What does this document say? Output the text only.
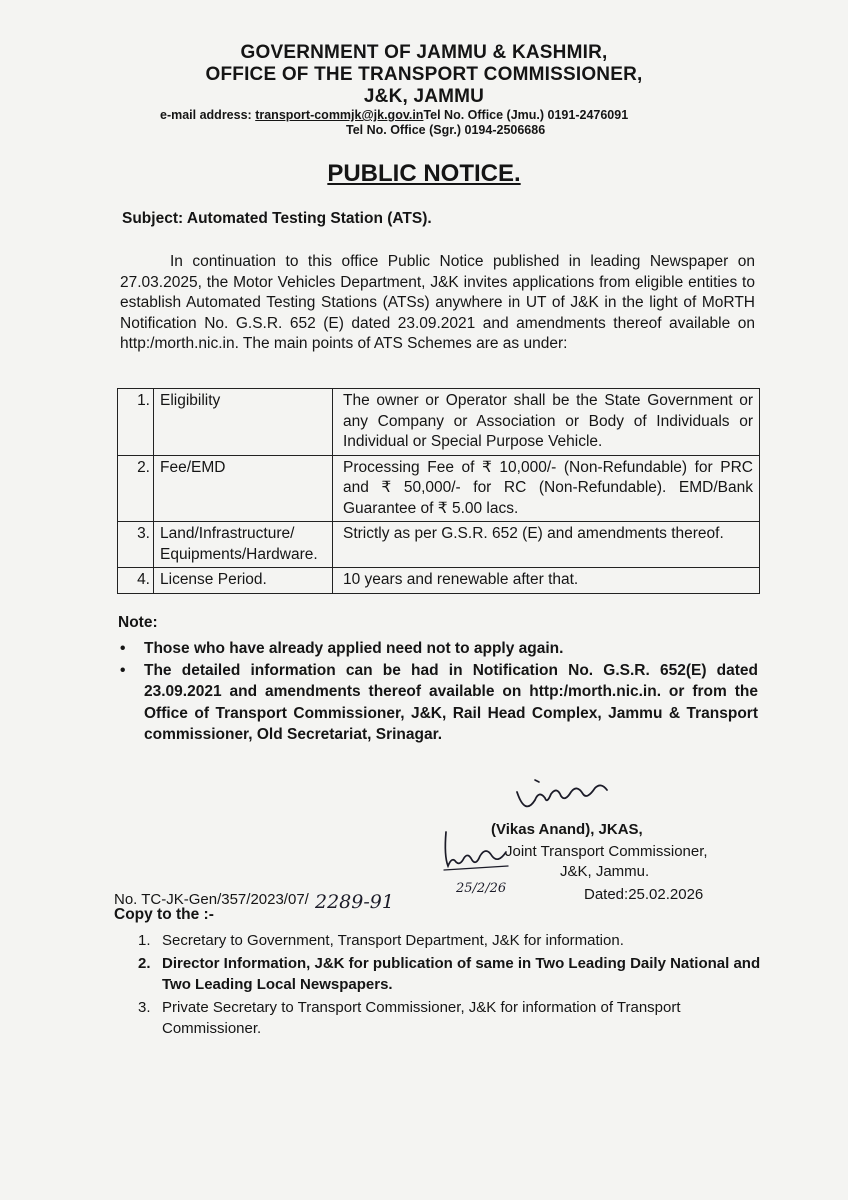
GOVERNMENT OF JAMMU & KASHMIR,
OFFICE OF THE TRANSPORT COMMISSIONER,
J&K, JAMMU
e-mail address: transport-commjk@jk.gov.inTel No. Office (Jmu.) 0191-2476091
Tel No. Office (Sgr.) 0194-2506686
PUBLIC NOTICE.
Subject: Automated Testing Station (ATS).
In continuation to this office Public Notice published in leading Newspaper on 27.03.2025, the Motor Vehicles Department, J&K invites applications from eligible entities to establish Automated Testing Stations (ATSs) anywhere in UT of J&K in the light of MoRTH Notification No. G.S.R. 652 (E) dated 23.09.2021 and amendments thereof available on http:/morth.nic.in. The main points of ATS Schemes are as under:
1.	Eligibility	The owner or Operator shall be the State Government or any Company or Association or Body of Individuals or Individual or Special Purpose Vehicle.
2.	Fee/EMD	Processing Fee of ₹ 10,000/- (Non-Refundable) for PRC and ₹ 50,000/- for RC (Non-Refundable). EMD/Bank Guarantee of ₹ 5.00 lacs.
3.	Land/Infrastructure/ Equipments/Hardware.	Strictly as per G.S.R. 652 (E) and amendments thereof.
4.	License Period.	10 years and renewable after that.
Note:
• Those who have already applied need not to apply again.
• The detailed information can be had in Notification No. G.S.R. 652(E) dated 23.09.2021 and amendments thereof available on http:/morth.nic.in. or from the Office of Transport Commissioner, J&K, Rail Head Complex, Jammu & Transport commissioner, Old Secretariat, Srinagar.
(Vikas Anand), JKAS,
Joint Transport Commissioner,
J&K, Jammu.
No. TC-JK-Gen/357/2023/07/ 2289-91
25/2/26	Dated:25.02.2026
Copy to the :-
1. Secretary to Government, Transport Department, J&K for information.
2. Director Information, J&K for publication of same in Two Leading Daily National and Two Leading Local Newspapers.
3. Private Secretary to Transport Commissioner, J&K for information of Transport Commissioner.
